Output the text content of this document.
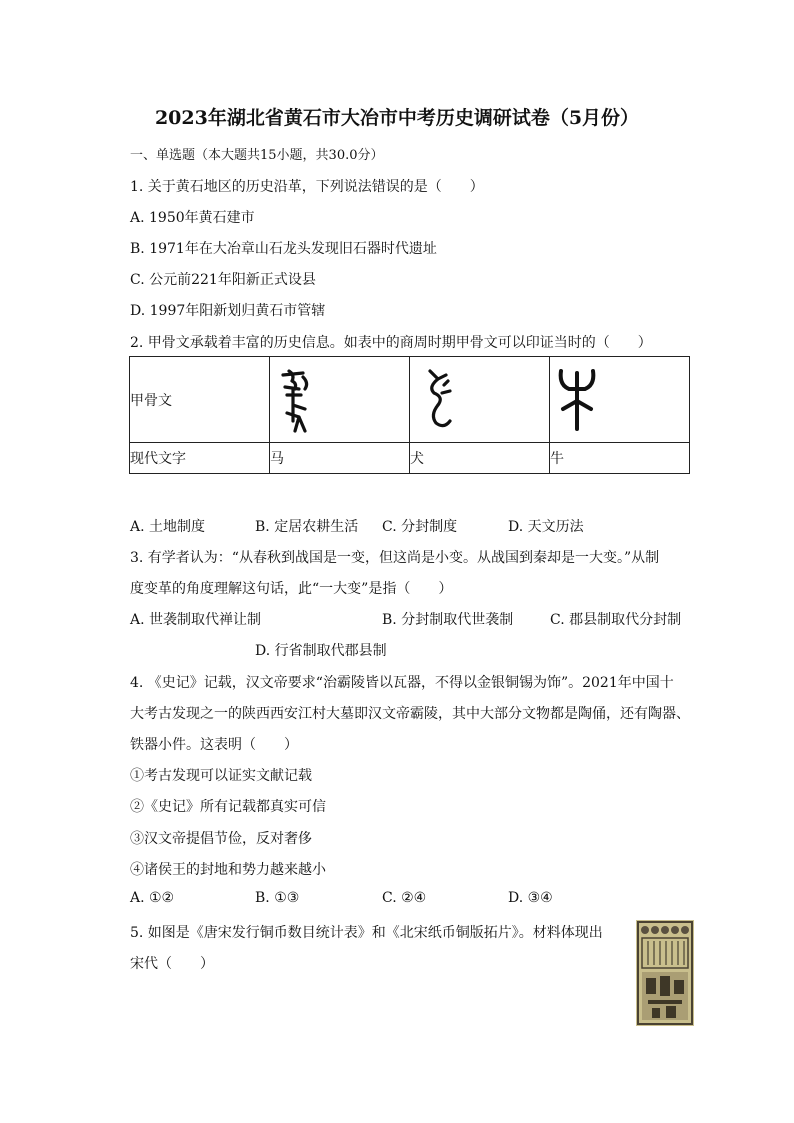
2023年湖北省黄石市大冶市中考历史调研试卷（5月份）
一、单选题（本大题共15小题，共30.0分）
1. 关于黄石地区的历史沿革，下列说法错误的是（　　）
A. 1950年黄石建市
B. 1971年在大冶章山石龙头发现旧石器时代遗址
C. 公元前221年阳新正式设县
D. 1997年阳新划归黄石市管辖
2. 甲骨文承载着丰富的历史信息。如表中的商周时期甲骨文可以印证当时的（　　）
甲骨文	

现代文字	马	犬	牛
A. 土地制度	B. 定居农耕生活 C. 分封制度	D. 天文历法
3. 有学者认为：“从春秋到战国是一变，但这尚是小变。从战国到秦却是一大变。”从制
度变革的角度理解这句话，此“一大变”是指（　　）
A. 世袭制取代禅让制	B. 分封制取代世袭制	C. 郡县制取代分封制
D. 行省制取代郡县制
4. 《史记》记载，汉文帝要求“治霸陵皆以瓦器，不得以金银铜锡为饰”。2021年中国十
大考古发现之一的陕西西安江村大墓即汉文帝霸陵，其中大部分文物都是陶俑，还有陶器、
铁器小件。这表明（　　）
①考古发现可以证实文献记载
②《史记》所有记载都真实可信
③汉文帝提倡节俭，反对奢侈
④诸侯王的封地和势力越来越小
A. ①②	B. ①③	C. ②④	D. ③④
5. 如图是《唐宋发行铜币数目统计表》和《北宋纸币铜版拓片》。材料体现出
宋代（　　）
